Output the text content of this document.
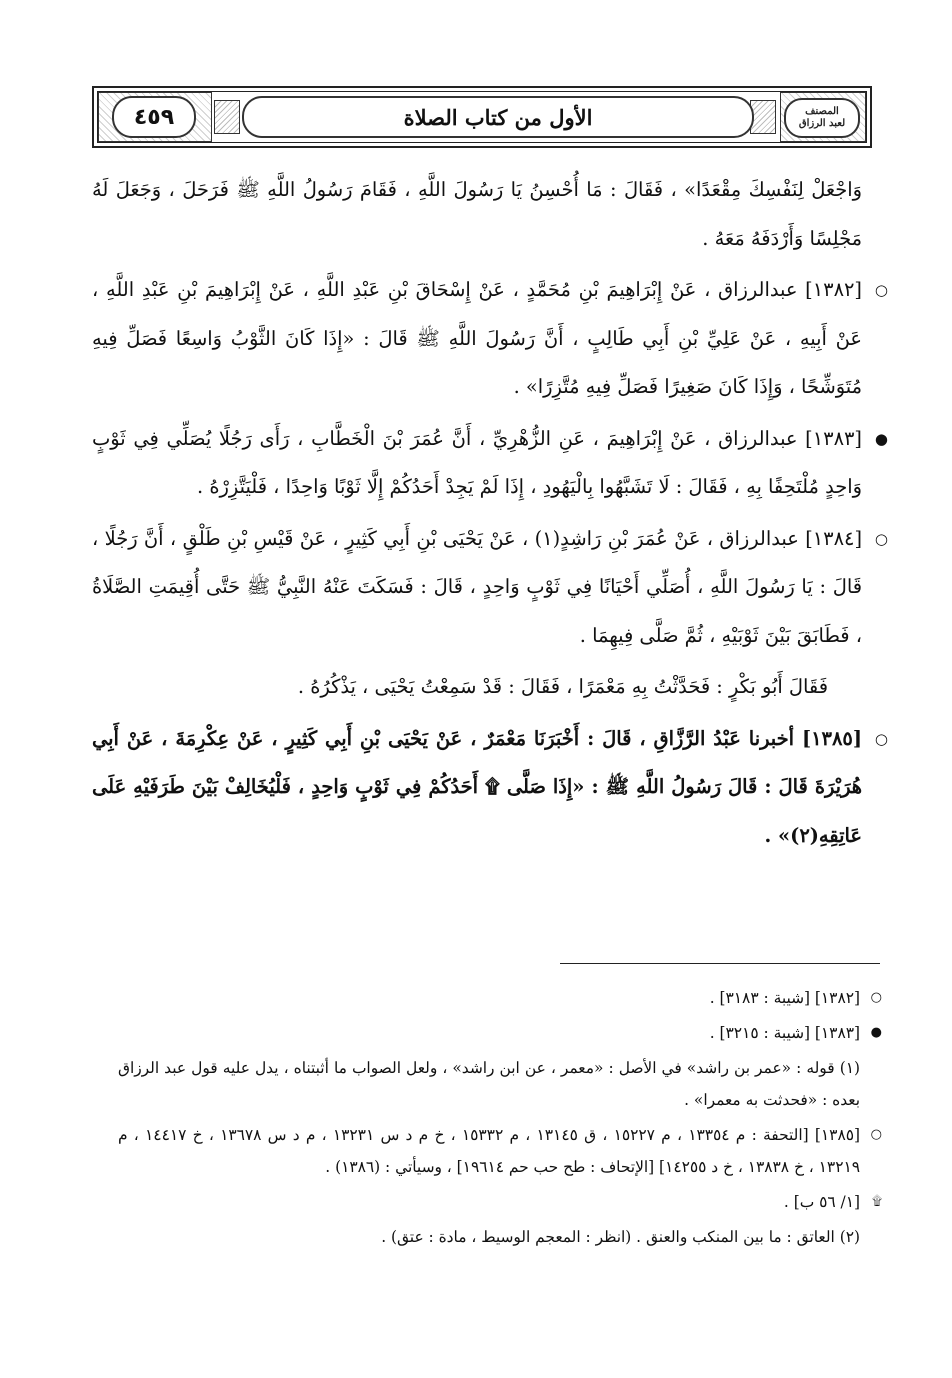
المصنف
لعبد الرزاق
الأول من كتاب الصلاة
٤٥٩

وَاجْعَلْ لِنَفْسِكَ مِقْعَدًا» ، فَقَالَ : مَا أُحْسِنُ يَا رَسُولَ اللَّهِ ، فَقَامَ رَسُولُ اللَّهِ ﷺ فَرَحَلَ ، وَجَعَلَ لَهُ مَجْلِسًا وَأَرْدَفَهُ مَعَهُ .

○
[١٣٨٢] عبدالرزاق ، عَنْ إِبْرَاهِيمَ بْنِ مُحَمَّدٍ ، عَنْ إِسْحَاقَ بْنِ عَبْدِ اللَّهِ ، عَنْ إِبْرَاهِيمَ بْنِ عَبْدِ اللَّهِ ، عَنْ أَبِيهِ ، عَنْ عَلِيِّ بْنِ أَبِي طَالِبٍ ، أَنَّ رَسُولَ اللَّهِ ﷺ قَالَ : «إِذَا كَانَ الثَّوْبُ وَاسِعًا فَصَلِّ فِيهِ مُتَوَشِّحًا ، وَإِذَا كَانَ صَغِيرًا فَصَلِّ فِيهِ مُتَّزِرًا» .

●
[١٣٨٣] عبدالرزاق ، عَنْ إِبْرَاهِيمَ ، عَنِ الزُّهْرِيِّ ، أَنَّ عُمَرَ بْنَ الْخَطَّابِ ، رَأَى رَجُلًا يُصَلِّي فِي ثَوْبٍ وَاحِدٍ مُلْتَحِفًا بِهِ ، فَقَالَ : لَا تَشَبَّهُوا بِالْيَهُودِ ، إِذَا لَمْ يَجِدْ أَحَدُكُمْ إِلَّا ثَوْبًا وَاحِدًا ، فَلْيَتَّزِرْهُ .

○
[١٣٨٤] عبدالرزاق ، عَنْ عُمَرَ بْنِ رَاشِدٍ(١) ، عَنْ يَحْيَى بْنِ أَبِي كَثِيرٍ ، عَنْ قَيْسِ بْنِ طَلْقٍ ، أَنَّ رَجُلًا ، قَالَ : يَا رَسُولَ اللَّهِ ، أُصَلِّي أَحْيَانًا فِي ثَوْبٍ وَاحِدٍ ، قَالَ : فَسَكَتَ عَنْهُ النَّبِيُّ ﷺ حَتَّى أُقِيمَتِ الصَّلَاةُ ، فَطَابَقَ بَيْنَ ثَوْبَيْهِ ، ثُمَّ صَلَّى فِيهِمَا .

فَقَالَ أَبُو بَكْرٍ : فَحَدَّثْتُ بِهِ مَعْمَرًا ، فَقَالَ : قَدْ سَمِعْتُ يَحْيَى ، يَذْكُرُهُ .

○
[١٣٨٥] أخبرنا عَبْدُ الرَّزَّاقِ ، قَالَ : أَخْبَرَنَا مَعْمَرٌ ، عَنْ يَحْيَى بْنِ أَبِي كَثِيرٍ ، عَنْ عِكْرِمَةَ ، عَنْ أَبِي هُرَيْرَةَ قَالَ : قَالَ رَسُولُ اللَّهِ ﷺ : «إِذَا صَلَّى ۩ أَحَدُكُمْ فِي ثَوْبٍ وَاحِدٍ ، فَلْيُخَالِفْ بَيْنَ طَرَفَيْهِ عَلَى عَاتِقِهِ(٢)» .

○
[١٣٨٢] [شيبة : ٣١٨٣] .

●
[١٣٨٣] [شيبة : ٣٢١٥] .

(١) قوله : «عمر بن راشد» في الأصل : «معمر ، عن ابن راشد» ، ولعل الصواب ما أثبتناه ، يدل عليه قول عبد الرزاق بعده : «فحدثت به معمرا» .

○
[١٣٨٥] [التحفة : م ١٣٣٥٤ ، م ١٥٢٢٧ ، ق ١٣١٤٥ ، م ١٥٣٣٢ ، خ م د س ١٣٢٣١ ، م د س ١٣٦٧٨ ، خ ١٤٤١٧ ، م ١٣٢١٩ ، خ ١٣٨٣٨ ، خ د ١٤٢٥٥] [الإتحاف : طح حب حم ١٩٦١٤] ، وسيأتي : (١٣٨٦) .

۩
[١/ ٥٦ ب] .

(٢) العاتق : ما بين المنكب والعنق . (انظر : المعجم الوسيط ، مادة : عتق) .
